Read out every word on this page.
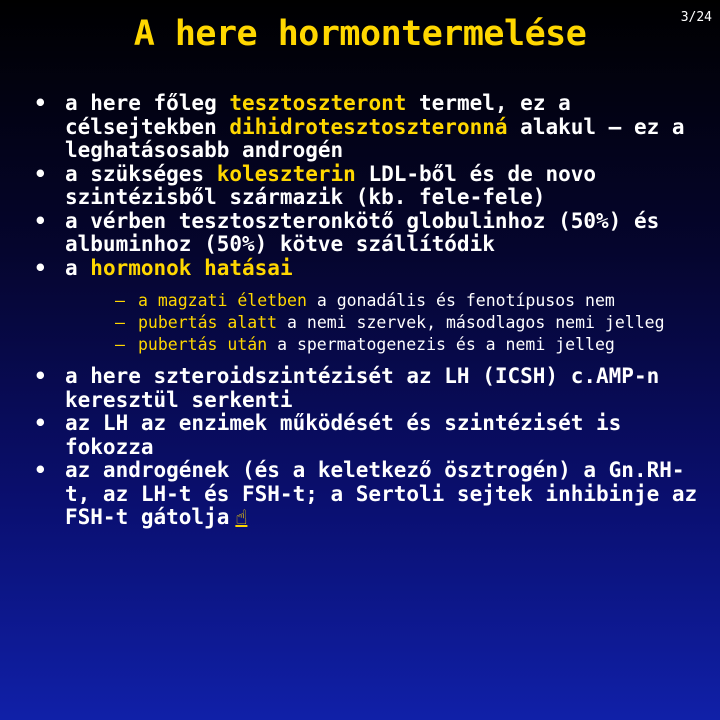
A here hormontermelése	3/24
• a here főleg tesztoszteront termel, ez a célsejtekben dihidrotesztoszteronná alakul – ez a leghatásosabb androgén
• a szükséges koleszterin LDL-ből és de novo szintézisből származik (kb. fele-fele)
• a vérben tesztoszteronkötő globulinhoz (50%) és albuminhoz (50%) kötve szállítódik
• a hormonok hatásai
– a magzati életben a gonadális és fenotípusos nem
– pubertás alatt a nemi szervek, másodlagos nemi jelleg
– pubertás után a spermatogenezis és a nemi jelleg
• a here szteroidszintézisét az LH (ICSH) c.AMP-n keresztül serkenti
• az LH az enzimek működését és szintézisét is fokozza
• az androgének (és a keletkező ösztrogén) a Gn.RH-t, az LH-t és FSH-t; a Sertoli sejtek inhibinje az FSH-t gátolja ☝
